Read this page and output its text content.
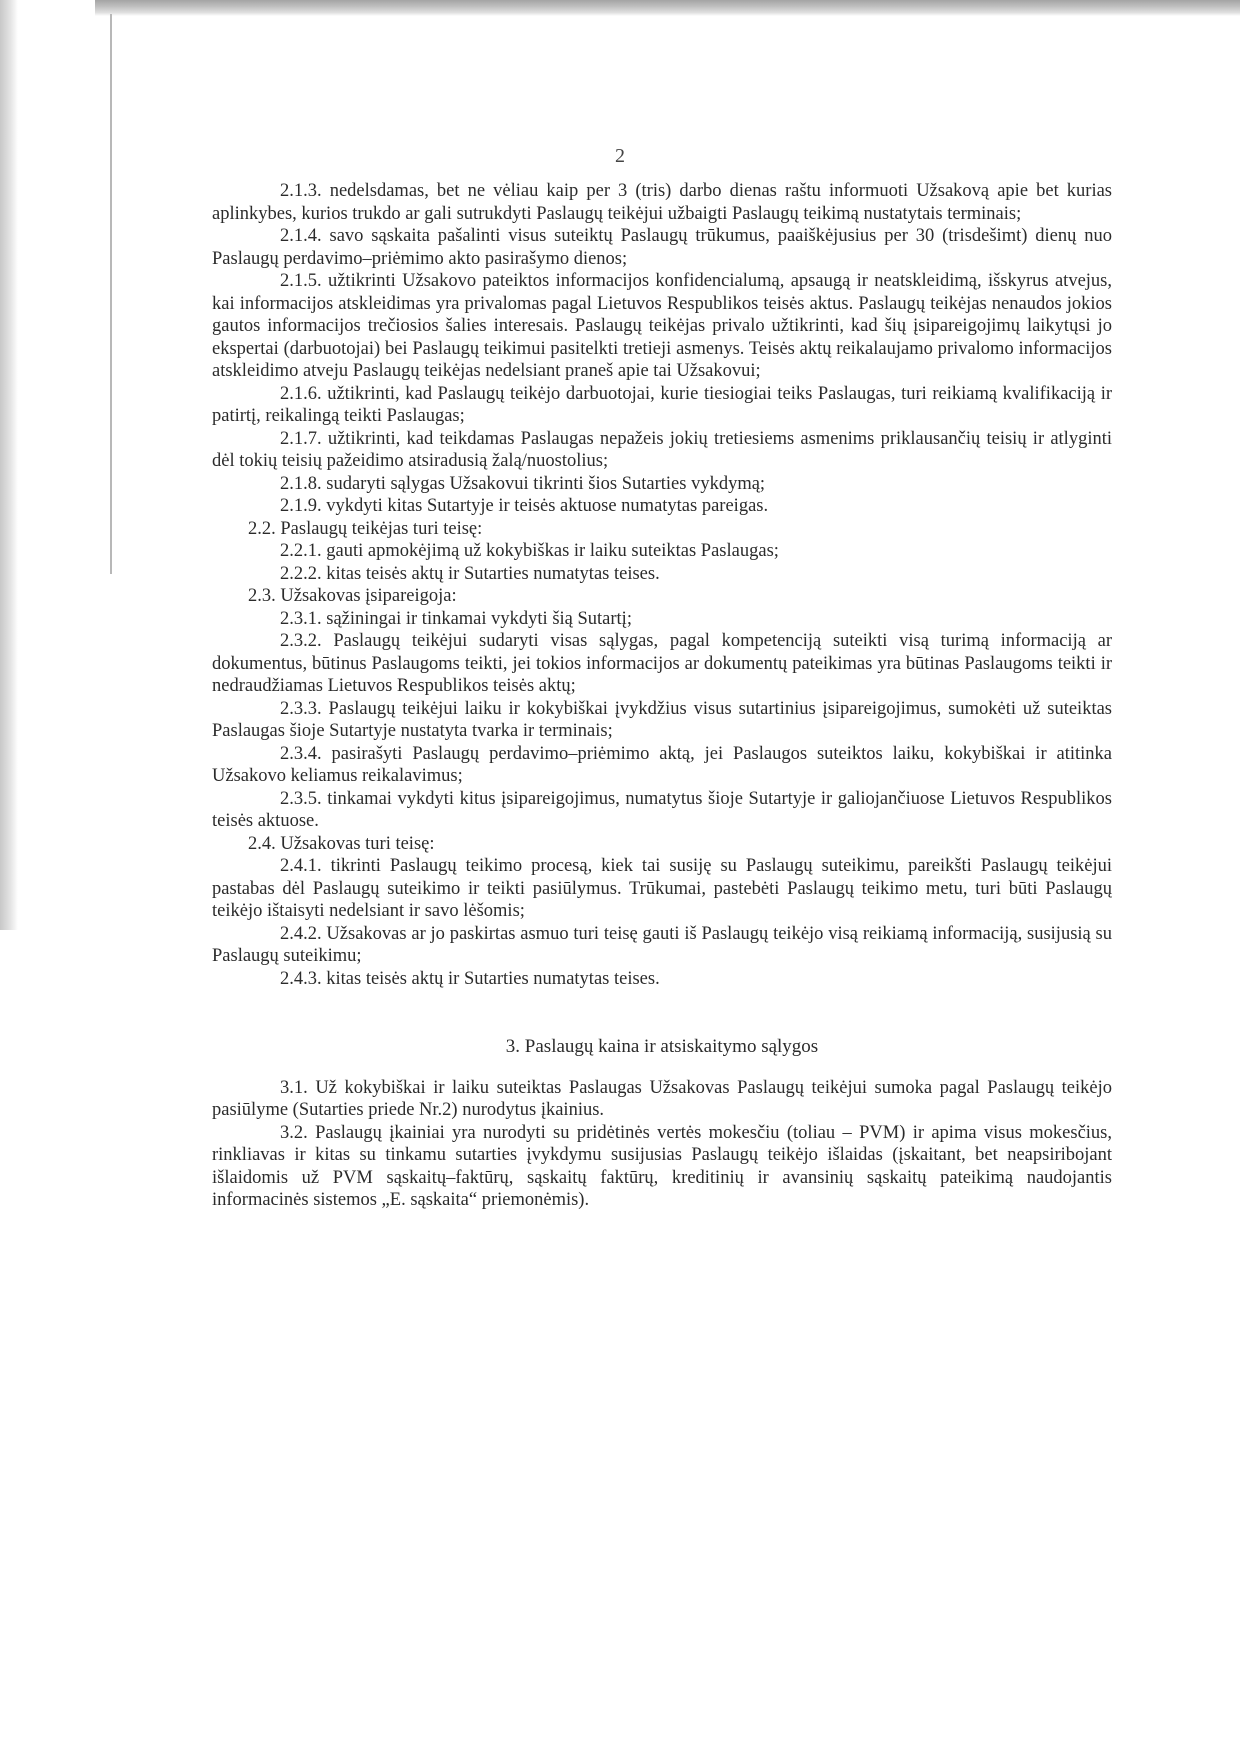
2

2.1.3. nedelsdamas, bet ne vėliau kaip per 3 (tris) darbo dienas raštu informuoti Užsakovą apie bet kurias aplinkybes, kurios trukdo ar gali sutrukdyti Paslaugų teikėjui užbaigti Paslaugų teikimą nustatytais terminais;

2.1.4. savo sąskaita pašalinti visus suteiktų Paslaugų trūkumus, paaiškėjusius per 30 (trisdešimt) dienų nuo Paslaugų perdavimo–priėmimo akto pasirašymo dienos;

2.1.5. užtikrinti Užsakovo pateiktos informacijos konfidencialumą, apsaugą ir neatskleidimą, išskyrus atvejus, kai informacijos atskleidimas yra privalomas pagal Lietuvos Respublikos teisės aktus. Paslaugų teikėjas nenaudos jokios gautos informacijos trečiosios šalies interesais. Paslaugų teikėjas privalo užtikrinti, kad šių įsipareigojimų laikytųsi jo ekspertai (darbuotojai) bei Paslaugų teikimui pasitelkti tretieji asmenys. Teisės aktų reikalaujamo privalomo informacijos atskleidimo atveju Paslaugų teikėjas nedelsiant praneš apie tai Užsakovui;

2.1.6. užtikrinti, kad Paslaugų teikėjo darbuotojai, kurie tiesiogiai teiks Paslaugas, turi reikiamą kvalifikaciją ir patirtį, reikalingą teikti Paslaugas;

2.1.7. užtikrinti, kad teikdamas Paslaugas nepažeis jokių tretiesiems asmenims priklausančių teisių ir atlyginti dėl tokių teisių pažeidimo atsiradusią žalą/nuostolius;

2.1.8. sudaryti sąlygas Užsakovui tikrinti šios Sutarties vykdymą;

2.1.9. vykdyti kitas Sutartyje ir teisės aktuose numatytas pareigas.

2.2. Paslaugų teikėjas turi teisę:

2.2.1. gauti apmokėjimą už kokybiškas ir laiku suteiktas Paslaugas;

2.2.2. kitas teisės aktų ir Sutarties numatytas teises.

2.3. Užsakovas įsipareigoja:

2.3.1. sąžiningai ir tinkamai vykdyti šią Sutartį;

2.3.2. Paslaugų teikėjui sudaryti visas sąlygas, pagal kompetenciją suteikti visą turimą informaciją ar dokumentus, būtinus Paslaugoms teikti, jei tokios informacijos ar dokumentų pateikimas yra būtinas Paslaugoms teikti ir nedraudžiamas Lietuvos Respublikos teisės aktų;

2.3.3. Paslaugų teikėjui laiku ir kokybiškai įvykdžius visus sutartinius įsipareigojimus, sumokėti už suteiktas Paslaugas šioje Sutartyje nustatyta tvarka ir terminais;

2.3.4. pasirašyti Paslaugų perdavimo–priėmimo aktą, jei Paslaugos suteiktos laiku, kokybiškai ir atitinka Užsakovo keliamus reikalavimus;

2.3.5. tinkamai vykdyti kitus įsipareigojimus, numatytus šioje Sutartyje ir galiojančiuose Lietuvos Respublikos teisės aktuose.

2.4. Užsakovas turi teisę:

2.4.1. tikrinti Paslaugų teikimo procesą, kiek tai susiję su Paslaugų suteikimu, pareikšti Paslaugų teikėjui pastabas dėl Paslaugų suteikimo ir teikti pasiūlymus. Trūkumai, pastebėti Paslaugų teikimo metu, turi būti Paslaugų teikėjo ištaisyti nedelsiant ir savo lėšomis;

2.4.2. Užsakovas ar jo paskirtas asmuo turi teisę gauti iš Paslaugų teikėjo visą reikiamą informaciją, susijusią su Paslaugų suteikimu;

2.4.3. kitas teisės aktų ir Sutarties numatytas teises.

3. Paslaugų kaina ir atsiskaitymo sąlygos

3.1. Už kokybiškai ir laiku suteiktas Paslaugas Užsakovas Paslaugų teikėjui sumoka pagal Paslaugų teikėjo pasiūlyme (Sutarties priede Nr.2) nurodytus įkainius.

3.2. Paslaugų įkainiai yra nurodyti su pridėtinės vertės mokesčiu (toliau – PVM) ir apima visus mokesčius, rinkliavas ir kitas su tinkamu sutarties įvykdymu susijusias Paslaugų teikėjo išlaidas (įskaitant, bet neapsiribojant išlaidomis už PVM sąskaitų–faktūrų, sąskaitų faktūrų, kreditinių ir avansinių sąskaitų pateikimą naudojantis informacinės sistemos „E. sąskaita“ priemonėmis).
